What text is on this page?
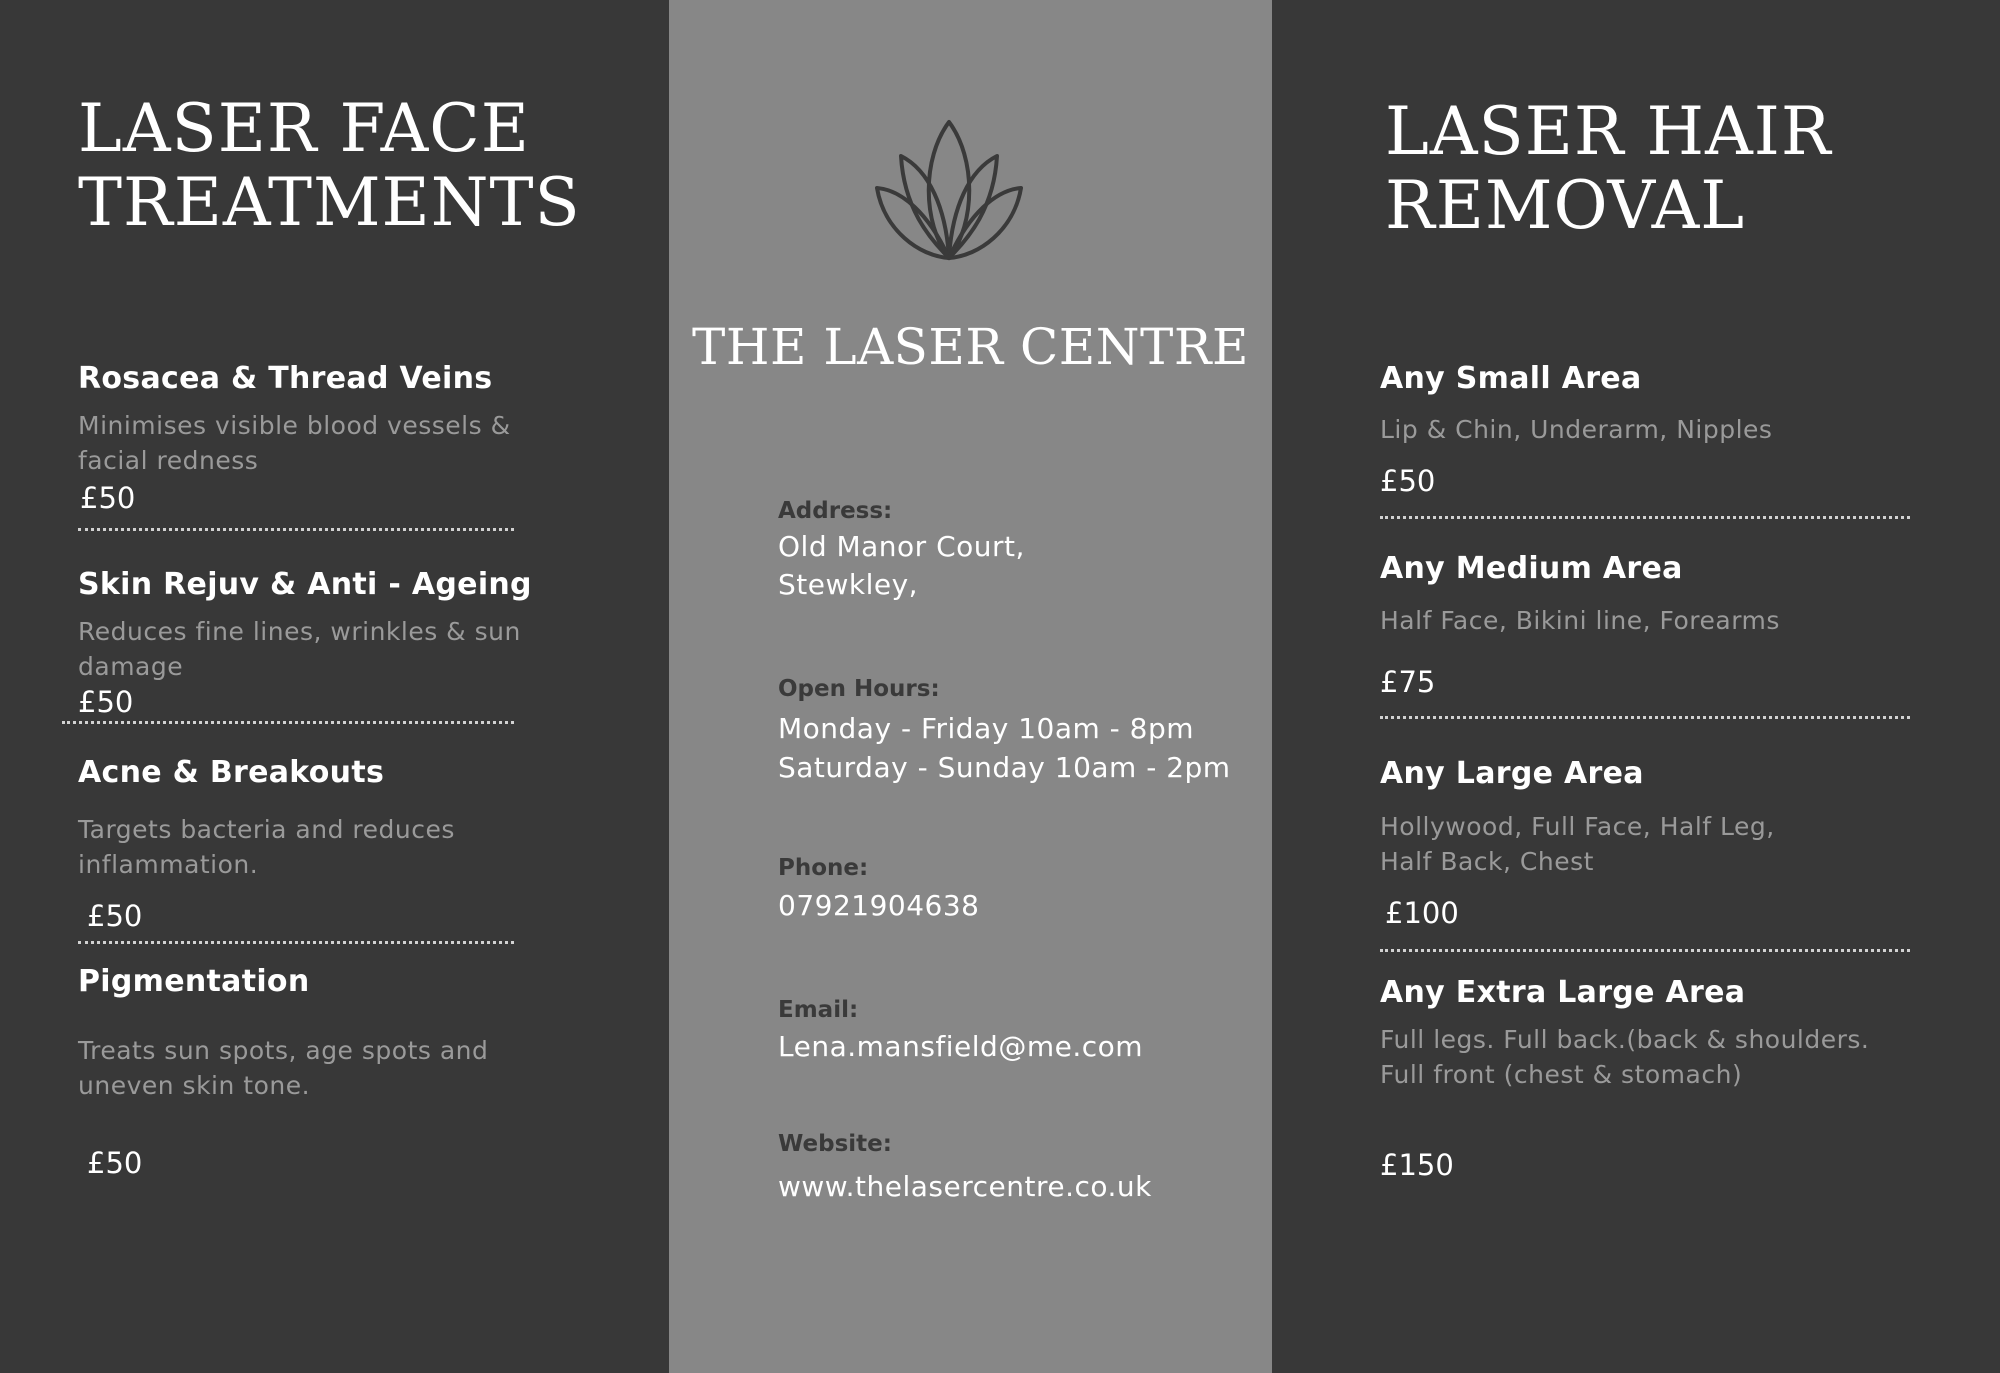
LASER FACE TREATMENTS
Rosacea & Thread Veins
Minimises visible blood vessels & facial redness
£50
Skin Rejuv & Anti - Ageing
Reduces fine lines, wrinkles & sun damage
£50
Acne & Breakouts
Targets bacteria and reduces inflammation.
£50
Pigmentation
Treats sun spots, age spots and uneven skin tone.
£50
THE LASER CENTRE
Address:
Old Manor Court,
Stewkley,
Open Hours:
Monday - Friday 10am - 8pm
Saturday - Sunday 10am - 2pm
Phone:
07921904638
Email:
Lena.mansfield@me.com
Website:
www.thelasercentre.co.uk
LASER HAIR REMOVAL
Any Small Area
Lip & Chin, Underarm, Nipples
£50
Any Medium Area
Half Face, Bikini line, Forearms
£75
Any Large Area
Hollywood, Full Face, Half Leg,
Half Back, Chest
£100
Any Extra Large Area
Full legs. Full back.(back & shoulders.
Full front (chest & stomach)
£150
